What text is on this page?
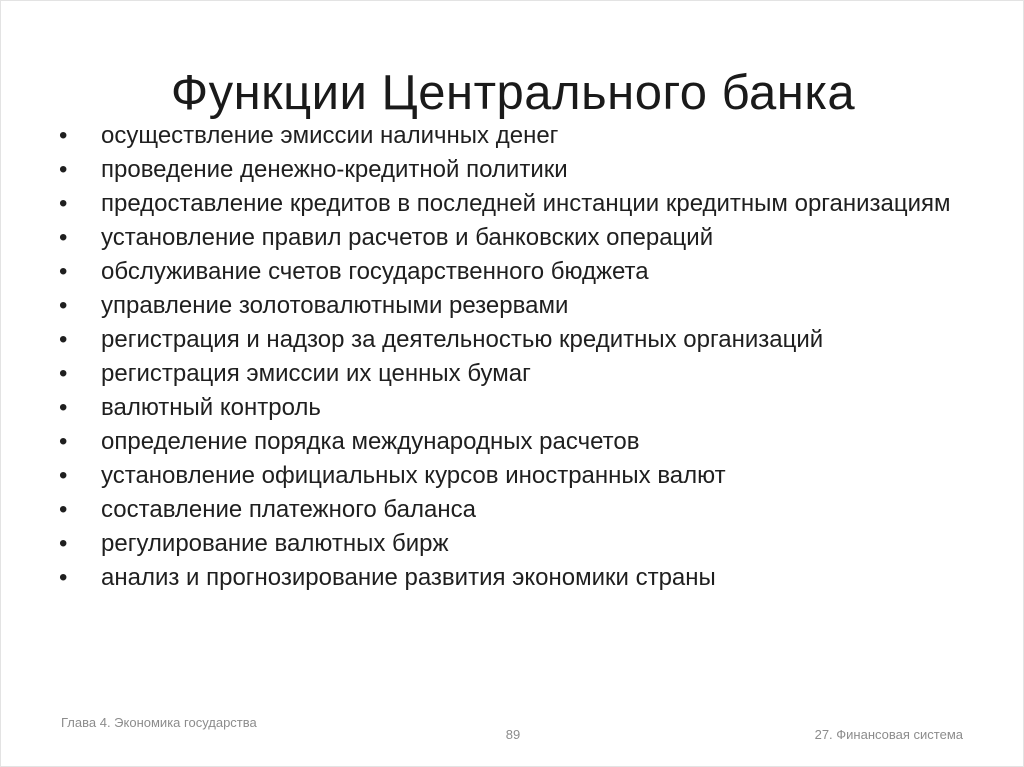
Функции Центрального банка
• осуществление эмиссии наличных денег
• проведение денежно-кредитной политики
• предоставление кредитов в последней инстанции кредитным организациям
• установление правил расчетов и банковских операций
• обслуживание счетов государственного бюджета
• управление золотовалютными резервами
• регистрация и надзор за деятельностью кредитных организаций
• регистрация эмиссии их ценных бумаг
• валютный контроль
• определение порядка международных расчетов
• установление официальных курсов иностранных валют
• составление платежного баланса
• регулирование валютных бирж
• анализ и прогнозирование развития экономики страны
Глава 4. Экономика государства
89	27. Финансовая система
